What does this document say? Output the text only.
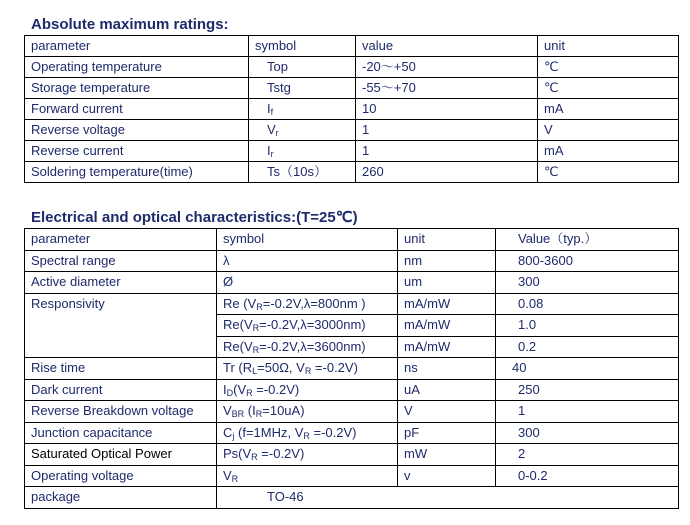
Absolute maximum ratings:
parameter	symbol	value	unit
Operating temperature	Top	-20～+50	℃
Storage temperature	Tstg	-55～+70	℃
Forward current	$I_f$	10	mA
Reverse voltage	$V_r$	1	V
Reverse current	$I_r$	1	mA
Soldering temperature(time)	Ts（10s）	260	℃
Electrical and optical characteristics:(T=25℃)
parameter	symbol	unit	Value（typ.）
Spectral range	λ	nm	800-3600
Active diameter	Ø	um	300
Responsivity	Re ($V_R=-0.2V,\lambda=800nm$ )	mA/mW	0.08
	$Re(V_R=-0.2V,\lambda=3000nm)$	mA/mW	1.0
	$Re(V_R=-0.2V,\lambda=3600nm)$	mA/mW	0.2
Rise time	Tr ($R_L=50\Omega$, $V_R =-0.2V$)	ns	40
Dark current	$I_D(V_R =-0.2V)$	uA	250
Reverse Breakdown voltage	$V_{BR}$ $(I_R=10uA)$	V	1
Junction capacitance	$C_j$ (f=1MHz, $V_R =-0.2V$)	pF	300
Saturated Optical Power	$Ps(V_R =-0.2V)$	mW	2
Operating voltage	$V_R$	v	0-0.2
package	TO-46		
